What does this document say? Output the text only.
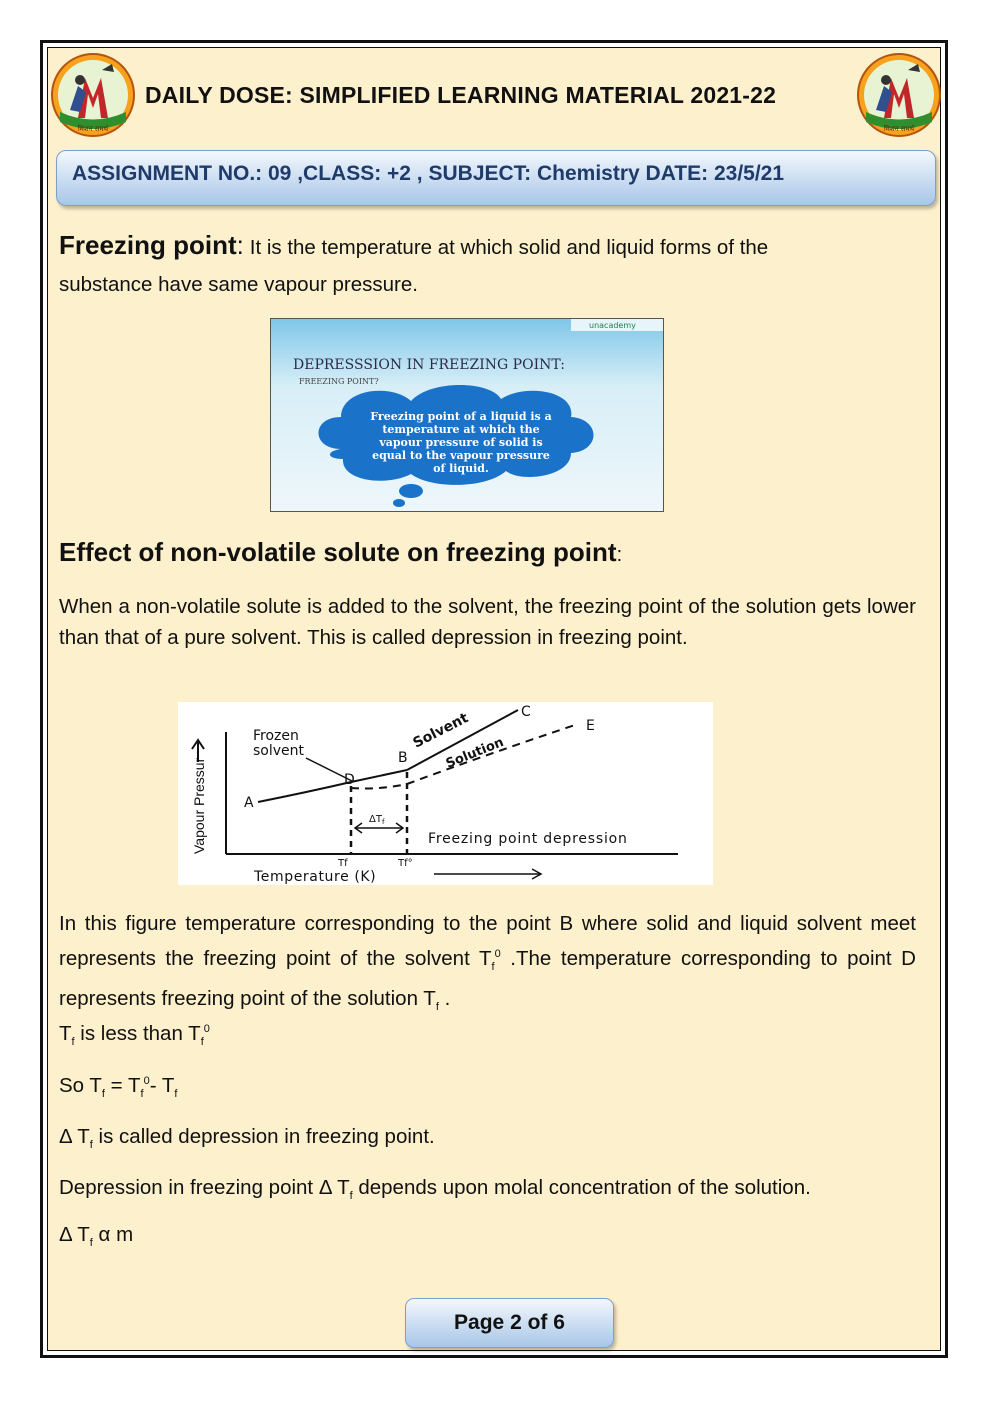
मिशन समर्थ	मिशन समर्थ
DAILY DOSE: SIMPLIFIED LEARNING MATERIAL 2021-22
ASSIGNMENT NO.: 09 ,CLASS: +2 , SUBJECT: Chemistry DATE: 23/5/21
Freezing point: It is the temperature at which solid and liquid forms of the
substance have same vapour pressure.
unacademy
DEPRESSSION IN FREEZING POINT:
FREEZING POINT?
Freezing point of a liquid is a
temperature at which the
vapour pressure of solid is
equal to the vapour pressure
of liquid.
Effect of non-volatile solute on freezing point:
When a non-volatile solute is added to the solvent, the freezing point of the solution gets lower than that of a pure solvent. This is called depression in freezing point.
Vapour Pressur	$\Delta T_f$
Frozen
solvent
A
D
B
C
E
Solvent
Solution
Freezing point depression
Tf	Tf°
Temperature (K)
In this figure temperature corresponding to the point B where solid and liquid solvent meet represents the freezing point of the solvent $T_f^0$ .The temperature corresponding to point D represents freezing point of the solution $T_f$ .
$T_f$ is less than $T_f^0$
So $T_f = T_f^0-$ $T_f$
Δ $T_f$ is called depression in freezing point.
Depression in freezing point Δ $T_f$ depends upon molal concentration of the solution.
Δ $T_f$ α m
Page 2 of 6
